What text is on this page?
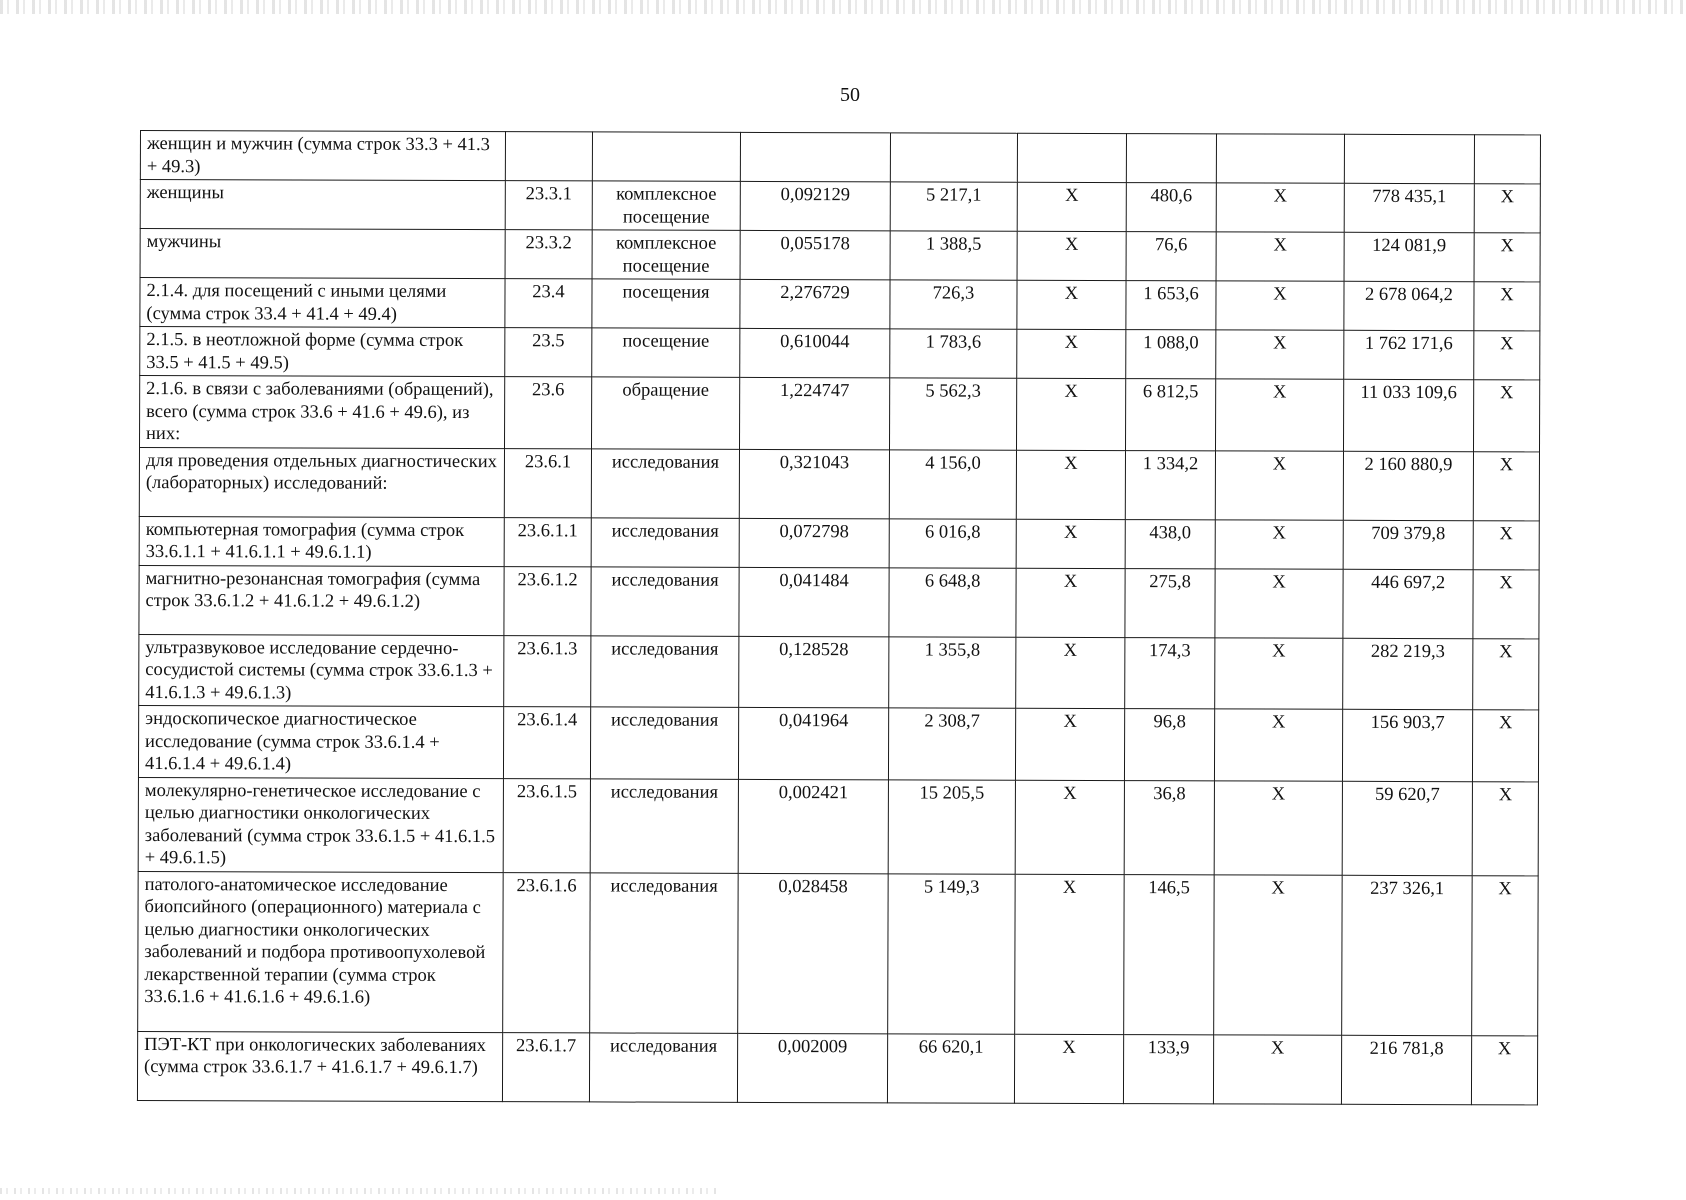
50
женщин и мужчин (сумма строк 33.3 + 41.3 + 49.3)									
женщины	23.3.1	комплексное посещение	0,092129	5 217,1	X	480,6	X	778 435,1	X
мужчины	23.3.2	комплексное посещение	0,055178	1 388,5	X	76,6	X	124 081,9	X
2.1.4. для посещений с иными целями (сумма строк 33.4 + 41.4 + 49.4)	23.4	посещения	2,276729	726,3	X	1 653,6	X	2 678 064,2	X
2.1.5. в неотложной форме (сумма строк 33.5 + 41.5 + 49.5)	23.5	посещение	0,610044	1 783,6	X	1 088,0	X	1 762 171,6	X
2.1.6. в связи с заболеваниями (обращений), всего (сумма строк 33.6 + 41.6 + 49.6), из них:	23.6	обращение	1,224747	5 562,3	X	6 812,5	X	11 033 109,6	X
для проведения отдельных диагностических (лабораторных) исследований:	23.6.1	исследования	0,321043	4 156,0	X	1 334,2	X	2 160 880,9	X
компьютерная томография (сумма строк 33.6.1.1 + 41.6.1.1 + 49.6.1.1)	23.6.1.1	исследования	0,072798	6 016,8	X	438,0	X	709 379,8	X
магнитно-резонансная томография (сумма строк 33.6.1.2 + 41.6.1.2 + 49.6.1.2)	23.6.1.2	исследования	0,041484	6 648,8	X	275,8	X	446 697,2	X
ультразвуковое исследование сердечно-сосудистой системы (сумма строк 33.6.1.3 + 41.6.1.3 + 49.6.1.3)	23.6.1.3	исследования	0,128528	1 355,8	X	174,3	X	282 219,3	X
эндоскопическое диагностическое исследование (сумма строк 33.6.1.4 + 41.6.1.4 + 49.6.1.4)	23.6.1.4	исследования	0,041964	2 308,7	X	96,8	X	156 903,7	X
молекулярно-генетическое исследование с целью диагностики онкологических заболеваний (сумма строк 33.6.1.5 + 41.6.1.5 + 49.6.1.5)	23.6.1.5	исследования	0,002421	15 205,5	X	36,8	X	59 620,7	X
патолого-анатомическое исследование биопсийного (операционного) материала с целью диагностики онкологических заболеваний и подбора противоопухолевой лекарственной терапии (сумма строк 33.6.1.6 + 41.6.1.6 + 49.6.1.6)	23.6.1.6	исследования	0,028458	5 149,3	X	146,5	X	237 326,1	X
ПЭТ-КТ при онкологических заболеваниях (сумма строк 33.6.1.7 + 41.6.1.7 + 49.6.1.7)	23.6.1.7	исследования	0,002009	66 620,1	X	133,9	X	216 781,8	X
